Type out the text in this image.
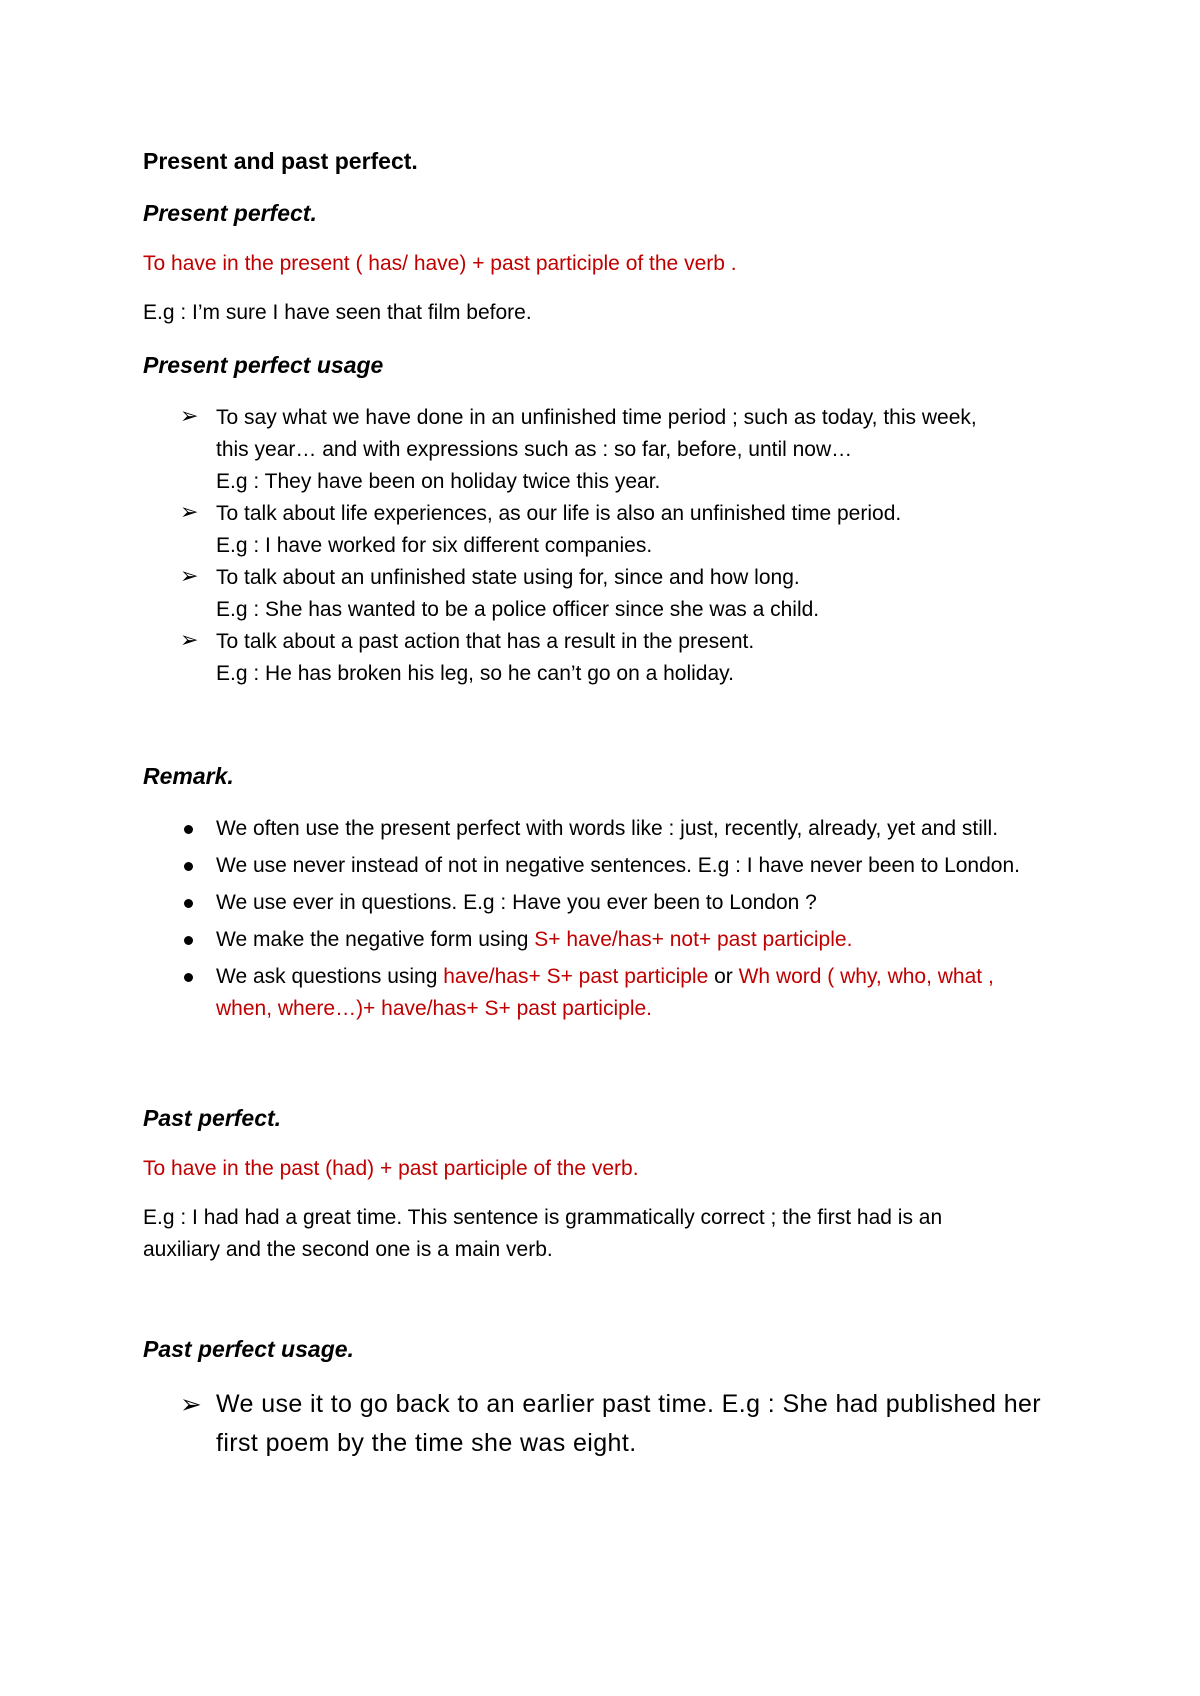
Present and past perfect.
Present perfect.
To have in the present ( has/ have) + past participle of the verb .
E.g : I’m sure I have seen that film before.
Present perfect usage
➢ To say what we have done in an unfinished time period ; such as today, this week,
this year… and with expressions such as : so far, before, until now…
E.g : They have been on holiday twice this year.
➢ To talk about life experiences, as our life is also an unfinished time period.
E.g : I have worked for six different companies.
➢ To talk about an unfinished state using for, since and how long.
E.g : She has wanted to be a police officer since she was a child.
➢ To talk about a past action that has a result in the present.
E.g : He has broken his leg, so he can’t go on a holiday.
Remark.
We often use the present perfect with words like : just, recently, already, yet and still.
We use never instead of not in negative sentences. E.g : I have never been to London.
We use ever in questions. E.g : Have you ever been to London ?
We make the negative form using S+ have/has+ not+ past participle.
We ask questions using have/has+ S+ past participle or Wh word ( why, who, what ,
when, where…)+ have/has+ S+ past participle.
Past perfect.
To have in the past (had) + past participle of the verb.
E.g : I had had a great time. This sentence is grammatically correct ; the first had is an
auxiliary and the second one is a main verb.
Past perfect usage.
➢ We use it to go back to an earlier past time. E.g : She had published her
first poem by the time she was eight.
